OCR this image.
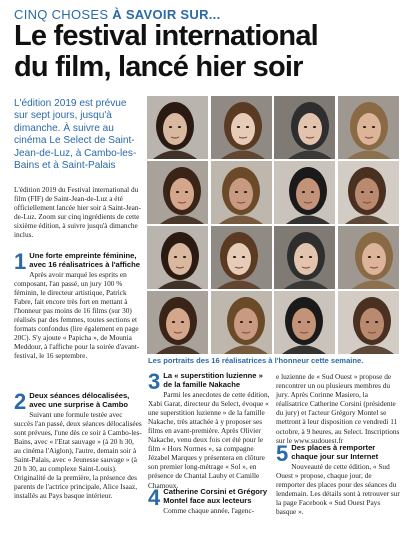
CINQ CHOSES À SAVOIR SUR...
Le festival international
du film, lancé hier soir
L'édition 2019 est prévue sur sept jours, jusqu'à dimanche. À suivre au cinéma Le Select de Saint-Jean-de-Luz, à Cambo-les-Bains et à Saint-Palais
L'édition 2019 du Festival international du film (FIF) de Saint-Jean-de-Luz a été officiellement lancée hier soir à Saint-Jean-de-Luz. Zoom sur cinq ingrédients de cette sixième édition, à suivre jusqu'à dimanche inclus.
1 Une forte empreinte féminine, avec 16 réalisatrices à l'affiche

Après avoir marqué les esprits en composant, l'an passé, un jury 100 % féminin, le directeur artistique, Patrick Fabre, fait encore très fort en mettant à l'honneur pas moins de 16 films (sur 30) réalisés par des femmes, toutes sections et formats confondus (lire également en page 20C). S'y ajoute « Papicha », de Mounia Meddour, à l'affiche pour la soirée d'avant-festival, le 16 septembre.

2 Deux séances délocalisées, avec une surprise à Cambo

Suivant une formule testée avec succès l'an passé, deux séances délocalisées sont prévues, l'une dès ce soir à Cambo-les-Bains, avec « l'Etat sauvage » (à 20 h 30, au cinéma l'Aiglon), l'autre, demain soir à Saint-Palais, avec « Jeunesse sauvage » (à 20 h 30, au complexe Saint-Louis). Originalité de la première, la présence des parents de l'actrice principale, Alice Isaaz, installés au Pays basque intérieur.

Les portraits des 16 réalisatrices à l'honneur cette semaine.
3 La « superstition luzienne » de la famille Nakache

Parmi les anecdotes de cette édition, Xabi Garat, directeur du Select, évoque « une superstition luzienne » de la famille Nakache, très attachée à y proposer ses films en avant-première. Après Olivier Nakache, venu deux fois cet été pour le film « Hors Normes », sa compagne Jézabel Marques y présentera en clôture son premier long-métrage « Sol », en présence de Chantal Lauby et Camille Chamoux.

4 Catherine Corsini et Grégory Montel face aux lecteurs

Comme chaque année, l'agenc-

e luzienne de « Sud Ouest » propose de rencontrer un ou plusieurs membres du jury. Après Corinne Masiero, la réalisatrice Catherine Corsini (présidente du jury) et l'acteur Grégory Montel se mettront à leur disposition ce vendredi 11 octobre, à 9 heures, au Select. Inscriptions sur le www.sudouest.fr

5 Des places à remporter chaque jour sur Internet

Nouveauté de cette édition, « Sud Ouest » propose, chaque jour, de remporter des places pour des séances du lendemain. Les détails sont à retrouver sur la page Facebook « Sud Ouest Pays basque ».
